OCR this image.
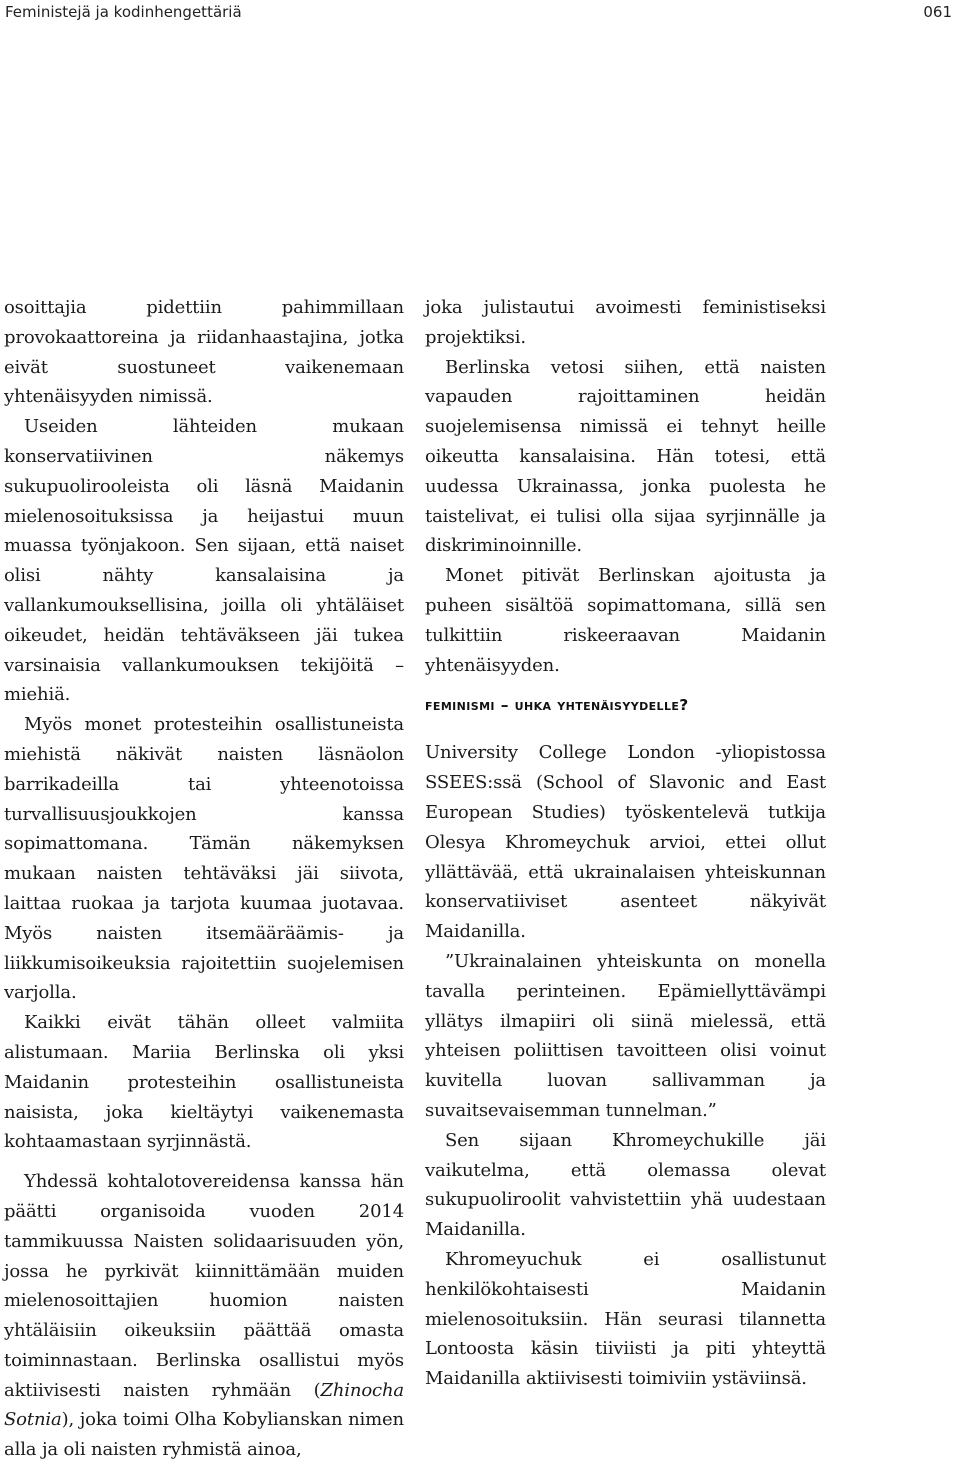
Feministejä ja kodinhengettäriä	061

osoittajia pidettiin pahimmillaan provokaattoreina ja riidanhaastajina, jotka eivät suostuneet vaikenemaan yhtenäisyyden nimissä.

Useiden lähteiden mukaan konservatiivinen näkemys sukupuolirooleista oli läsnä Maidanin mielenosoituksissa ja heijastui muun muassa työnjakoon. Sen sijaan, että naiset olisi nähty kansalaisina ja vallankumouksellisina, joilla oli yhtäläiset oikeudet, heidän tehtäväkseen jäi tukea varsinaisia vallankumouksen tekijöitä – miehiä.

Myös monet protesteihin osallistuneista miehistä näkivät naisten läsnäolon barrikadeilla tai yhteenotoissa turvallisuusjoukkojen kanssa sopimattomana. Tämän näkemyksen mukaan naisten tehtäväksi jäi siivota, laittaa ruokaa ja tarjota kuumaa juotavaa. Myös naisten itsemääräämis- ja liikkumisoikeuksia rajoitettiin suojelemisen varjolla.

Kaikki eivät tähän olleet valmiita alistumaan. Mariia Berlinska oli yksi Maidanin protesteihin osallistuneista naisista, joka kieltäytyi vaikenemasta kohtaamastaan syrjinnästä.

Yhdessä kohtalotovereidensa kanssa hän päätti organisoida vuoden 2014 tammikuussa Naisten solidaarisuuden yön, jossa he pyrkivät kiinnittämään muiden mielenosoittajien huomion naisten yhtäläisiin oikeuksiin päättää omasta toiminnastaan. Berlinska osallistui myös aktiivisesti naisten ryhmään (Zhinocha Sotnia), joka toimi Olha Kobylianskan nimen alla ja oli naisten ryhmistä ainoa,

joka julistautui avoimesti feministiseksi projektiksi.

Berlinska vetosi siihen, että naisten vapauden rajoittaminen heidän suojelemisensa nimissä ei tehnyt heille oikeutta kansalaisina. Hän totesi, että uudessa Ukrainassa, jonka puolesta he taistelivat, ei tulisi olla sijaa syrjinnälle ja diskriminoinnille.

Monet pitivät Berlinskan ajoitusta ja puheen sisältöä sopimattomana, sillä sen tulkittiin riskeeraavan Maidanin yhtenäisyyden.

feminismi – uhka yhtenäisyydelle?

University College London -yliopistossa SSEES:ssä (School of Slavonic and East European Studies) työskentelevä tutkija Olesya Khromeychuk arvioi, ettei ollut yllättävää, että ukrainalaisen yhteiskunnan konservatiiviset asenteet näkyivät Maidanilla.

”Ukrainalainen yhteiskunta on monella tavalla perinteinen. Epämiellyttävämpi yllätys ilmapiiri oli siinä mielessä, että yhteisen poliittisen tavoitteen olisi voinut kuvitella luovan sallivamman ja suvaitsevaisemman tunnelman.”

Sen sijaan Khromeychukille jäi vaikutelma, että olemassa olevat sukupuoliroolit vahvistettiin yhä uudestaan Maidanilla.

Khromeyuchuk ei osallistunut henkilökohtaisesti Maidanin mielenosoituksiin. Hän seurasi tilannetta Lontoosta käsin tiiviisti ja piti yhteyttä Maidanilla aktiivisesti toimiviin ystäviinsä.
